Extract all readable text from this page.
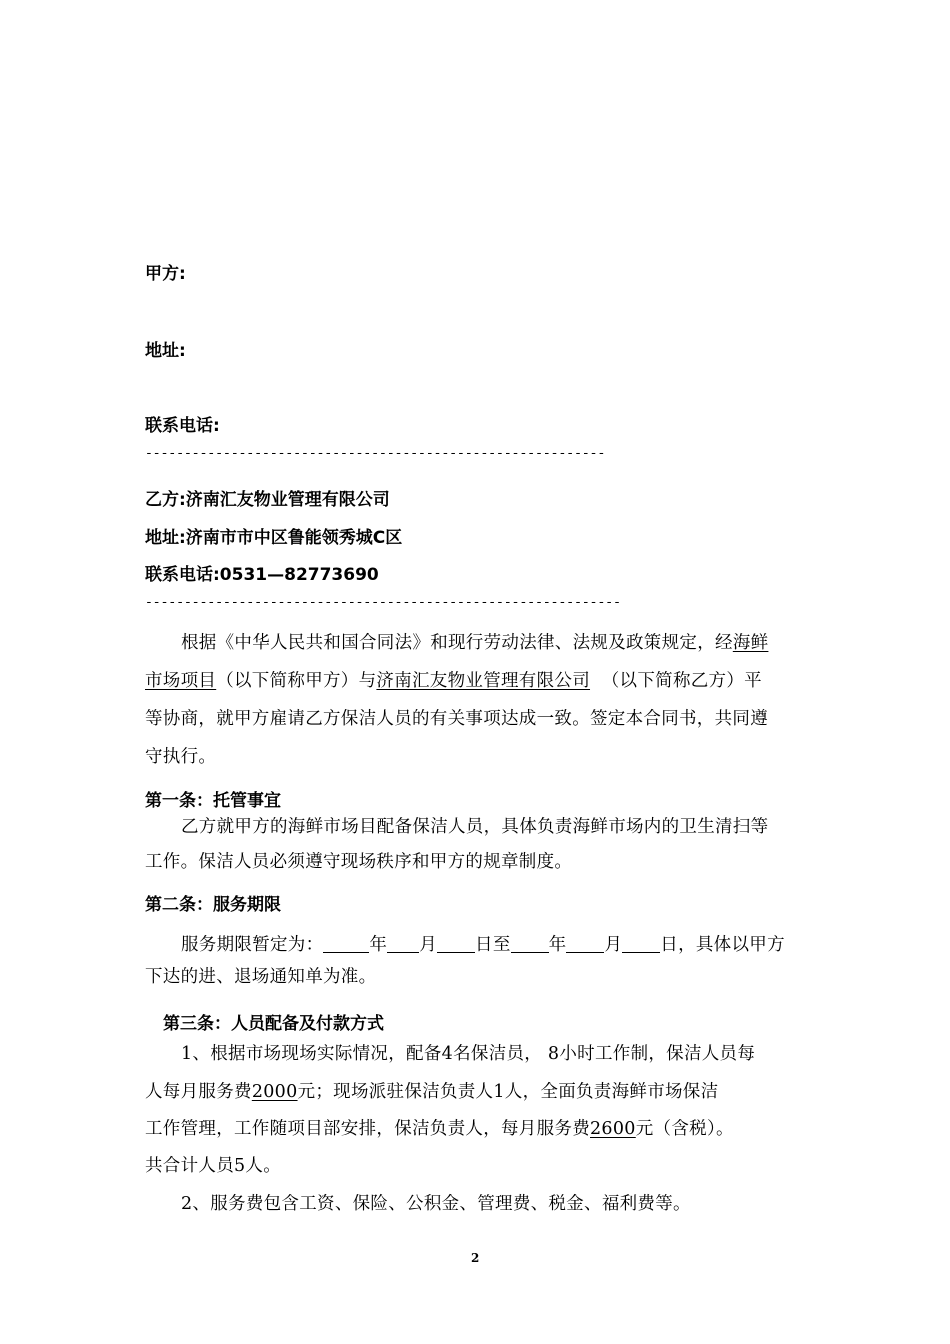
甲方:
地址:
联系电话:
-----------------------------------------------------------
乙方:济南汇友物业管理有限公司
地址:济南市市中区鲁能领秀城C区
联系电话:0531—82773690
-------------------------------------------------------------
根据《中华人民共和国合同法》和现行劳动法律、法规及政策规定，经海鲜
市场项目（以下简称甲方）与济南汇友物业管理有限公司 （以下简称乙方）平
等协商，就甲方雇请乙方保洁人员的有关事项达成一致。签定本合同书，共同遵
守执行。
第一条：托管事宜
乙方就甲方的海鲜市场目配备保洁人员，具体负责海鲜市场内的卫生清扫等
工作。保洁人员必须遵守现场秩序和甲方的规章制度。
第二条：服务期限
服务期限暂定为：	年 月 日至 年 月 日，具体以甲方
下达的进、退场通知单为准。
第三条：人员配备及付款方式
1、根据市场现场实际情况，配备4名保洁员， 8小时工作制，保洁人员每
人每月服务费2000元；现场派驻保洁负责人1人，全面负责海鲜市场保洁
工作管理，工作随项目部安排，保洁负责人，每月服务费2600元（含税）。
共合计人员5人。
2、服务费包含工资、保险、公积金、管理费、税金、福利费等。
2
